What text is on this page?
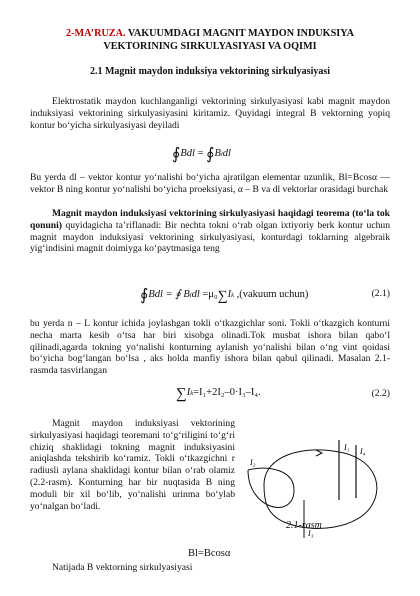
2-MA’RUZA. VAKUUMDAGI MAGNIT MAYDON INDUKSIYA VEKTORINING SIRKULYASIYASI VA OQIMI
2.1 Magnit maydon induksiya vektorining sirkulyasiyasi

Elektrostatik maydon kuchlanganligi vektorining sirkulyasiyasi kabi magnit maydon induksiyasi vektorining sirkulyasiyasini kiritamiz. Quyidagi integral B vektorning yopiq kontur bo‘yicha sirkulyasiyasi deyiladi

∮Bdl = ∮Bldl

Bu yerda dl – vektor kontur yo‘nalishi bo‘yicha ajratilgan elementar uzunlik, Bl=Bcosα — vektor B ning kontur yo‘nalishi bo‘yicha proeksiyasi, α – B va dl vektorlar orasidagi burchak

Magnit maydon induksiyasi vektorining sirkulyasiyasi haqidagi teorema (to‘la tok qonuni) quyidagicha ta’riflanadi: Bir nechta tokni o‘rab olgan ixtiyoriy berk kontur uchun magnit maydon induksiyasi vektorining sirkulyasiyasi, konturdagi toklarning algebraik yig‘indisini magnit doimiyga ko‘paytmasiga teng

∮Bdl = ∮ Bldl =μ₀∑Ik ,(vakuum uchun)	(2.1)

bu yerda n – L kontur ichida joylashgan tokli o‘tkazgichlar soni. Tokli o‘tkazgich konturni necha marta kesib o‘tsa har biri xisobga olinadi.Tok musbat ishora bilan qabo‘l qilinadi,agarda tokning yo‘nalishi konturning aylanish yo‘nalishi bilan o‘ng vint qoidasi bo‘yicha bog‘langan bo‘lsa , aks holda manfiy ishora bilan qabul qilinadi. Masalan 2.1-rasmda tasvirlangan

∑Ik=I₁+2I₂–0·I₃–I₄.	(2.2)

Magnit maydon induksiyasi vektorining sirkulyasiyasi haqidagi teoremani to‘g‘riligini to‘g‘ri chiziq shaklidagi tokning magnit induksiyasini aniqlashda tekshirib ko‘ramiz. Tokli o‘tkazgichni r radiusli aylana shaklidagi kontur bilan o‘rab olamiz (2.2-rasm). Konturning har bir nuqtasida B ning moduli bir xil bo‘lib, yo‘nalishi urinma bo‘ylab yo‘nalgan bo‘ladi.

Bl=Bcosα

Natijada B vektorning sirkulyasiyasi

I₁
I₂
I₃
I₄
2.1-rasm
